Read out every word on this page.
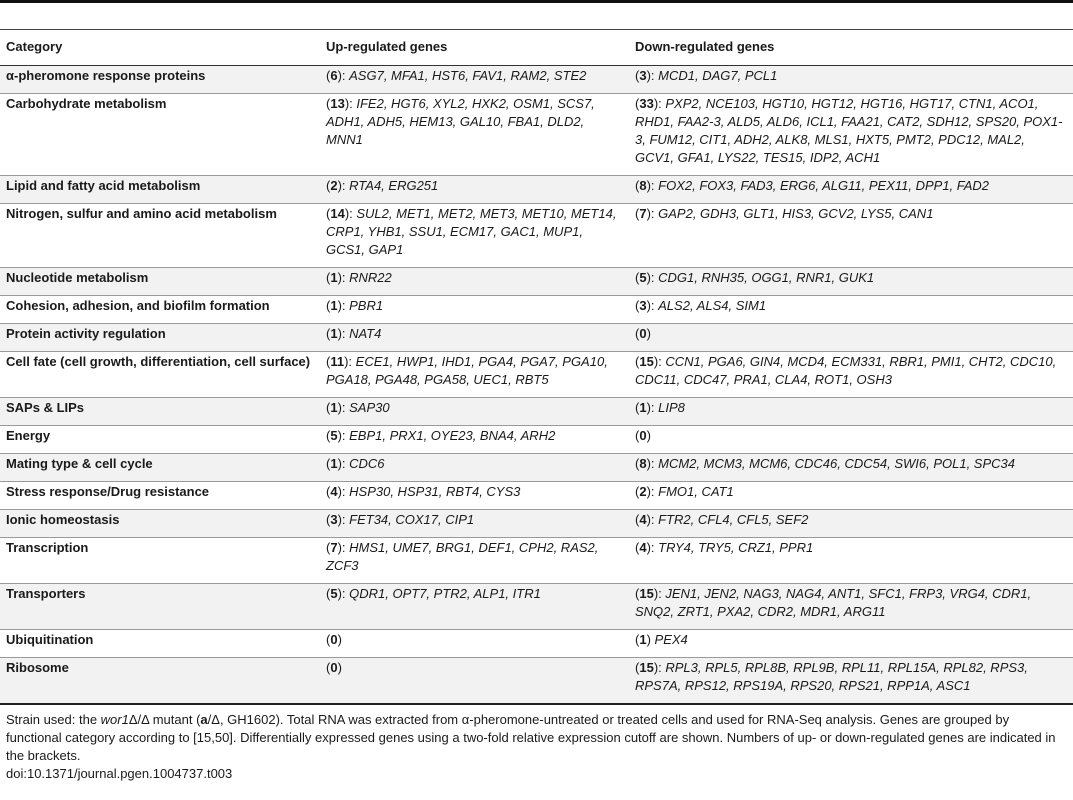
Category	Up-regulated genes	Down-regulated genes
α-pheromone response proteins	(6): ASG7, MFA1, HST6, FAV1, RAM2, STE2	(3): MCD1, DAG7, PCL1
Carbohydrate metabolism	(13): IFE2, HGT6, XYL2, HXK2, OSM1, SCS7, ADH1, ADH5, HEM13, GAL10, FBA1, DLD2, MNN1	(33): PXP2, NCE103, HGT10, HGT12, HGT16, HGT17, CTN1, ACO1, RHD1, FAA2-3, ALD5, ALD6, ICL1, FAA21, CAT2, SDH12, SPS20, POX1-3, FUM12, CIT1, ADH2, ALK8, MLS1, HXT5, PMT2, PDC12, MAL2, GCV1, GFA1, LYS22, TES15, IDP2, ACH1
Lipid and fatty acid metabolism	(2): RTA4, ERG251	(8): FOX2, FOX3, FAD3, ERG6, ALG11, PEX11, DPP1, FAD2
Nitrogen, sulfur and amino acid metabolism	(14): SUL2, MET1, MET2, MET3, MET10, MET14, CRP1, YHB1, SSU1, ECM17, GAC1, MUP1, GCS1, GAP1	(7): GAP2, GDH3, GLT1, HIS3, GCV2, LYS5, CAN1
Nucleotide metabolism	(1): RNR22	(5): CDG1, RNH35, OGG1, RNR1, GUK1
Cohesion, adhesion, and biofilm formation	(1): PBR1	(3): ALS2, ALS4, SIM1
Protein activity regulation	(1): NAT4	(0)
Cell fate (cell growth, differentiation, cell surface)	(11): ECE1, HWP1, IHD1, PGA4, PGA7, PGA10, PGA18, PGA48, PGA58, UEC1, RBT5	(15): CCN1, PGA6, GIN4, MCD4, ECM331, RBR1, PMI1, CHT2, CDC10, CDC11, CDC47, PRA1, CLA4, ROT1, OSH3
SAPs & LIPs	(1): SAP30	(1): LIP8
Energy	(5): EBP1, PRX1, OYE23, BNA4, ARH2	(0)
Mating type & cell cycle	(1): CDC6	(8): MCM2, MCM3, MCM6, CDC46, CDC54, SWI6, POL1, SPC34
Stress response/Drug resistance	(4): HSP30, HSP31, RBT4, CYS3	(2): FMO1, CAT1
Ionic homeostasis	(3): FET34, COX17, CIP1	(4): FTR2, CFL4, CFL5, SEF2
Transcription	(7): HMS1, UME7, BRG1, DEF1, CPH2, RAS2, ZCF3	(4): TRY4, TRY5, CRZ1, PPR1
Transporters	(5): QDR1, OPT7, PTR2, ALP1, ITR1	(15): JEN1, JEN2, NAG3, NAG4, ANT1, SFC1, FRP3, VRG4, CDR1, SNQ2, ZRT1, PXA2, CDR2, MDR1, ARG11
Ubiquitination	(0)	(1) PEX4
Ribosome	(0)	(15): RPL3, RPL5, RPL8B, RPL9B, RPL11, RPL15A, RPL82, RPS3, RPS7A, RPS12, RPS19A, RPS20, RPS21, RPP1A, ASC1
Strain used: the wor1Δ/Δ mutant (a/Δ, GH1602). Total RNA was extracted from α-pheromone-untreated or treated cells and used for RNA-Seq analysis. Genes are grouped by functional category according to [15,50]. Differentially expressed genes using a two-fold relative expression cutoff are shown. Numbers of up- or down-regulated genes are indicated in the brackets.
doi:10.1371/journal.pgen.1004737.t003
